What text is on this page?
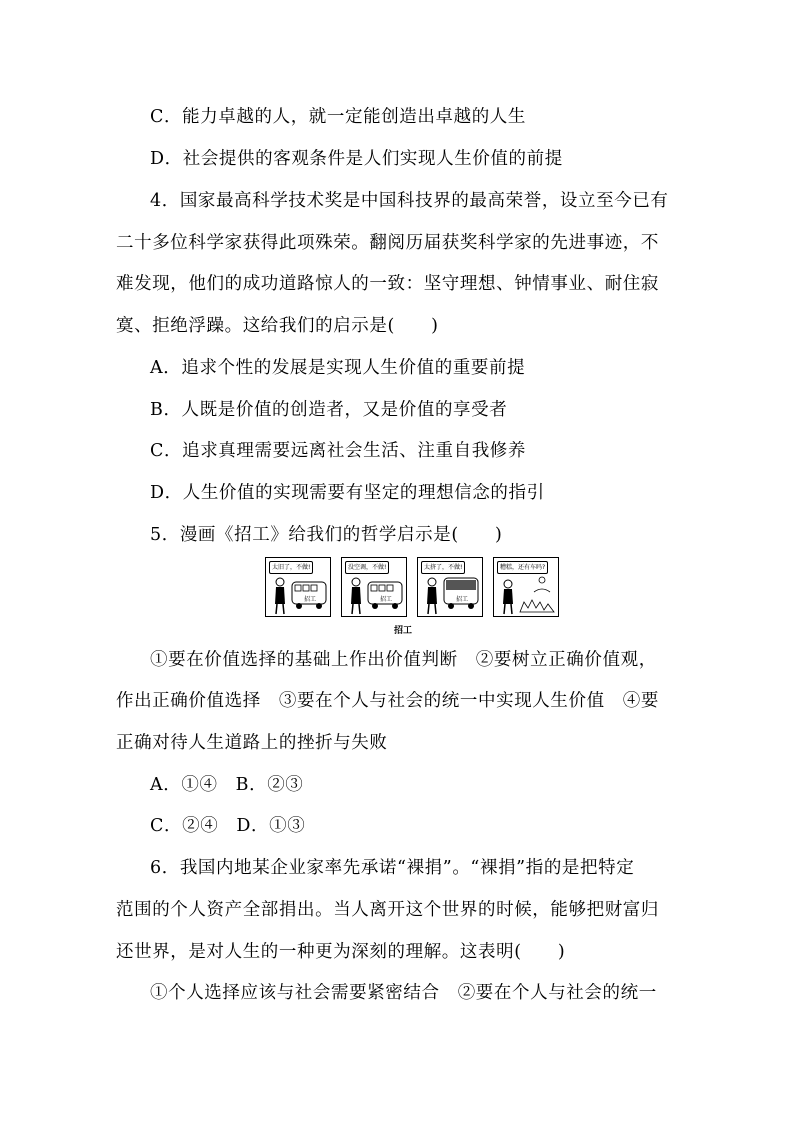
C．能力卓越的人，就一定能创造出卓越的人生
D．社会提供的客观条件是人们实现人生价值的前提
4．国家最高科学技术奖是中国科技界的最高荣誉，设立至今已有
二十多位科学家获得此项殊荣。翻阅历届获奖科学家的先进事迹，不
难发现，他们的成功道路惊人的一致：坚守理想、钟情事业、耐住寂
寞、拒绝浮躁。这给我们的启示是(　　)
A．追求个性的发展是实现人生价值的重要前提
B．人既是价值的创造者，又是价值的享受者
C．追求真理需要远离社会生活、注重自我修养
D．人生价值的实现需要有坚定的理想信念的指引
5．漫画《招工》给我们的哲学启示是(　　)
太旧了，不做!
招工
没空调，不做!
招工
太挤了，不做!
招工
糟糕，还有车吗?
招工
①要在价值选择的基础上作出价值判断　②要树立正确价值观，
作出正确价值选择　③要在个人与社会的统一中实现人生价值　④要
正确对待人生道路上的挫折与失败
A．①④　B．②③
C．②④　D．①③
6．我国内地某企业家率先承诺“裸捐”。“裸捐”指的是把特定
范围的个人资产全部捐出。当人离开这个世界的时候，能够把财富归
还世界，是对人生的一种更为深刻的理解。这表明(　　)
①个人选择应该与社会需要紧密结合　②要在个人与社会的统一
